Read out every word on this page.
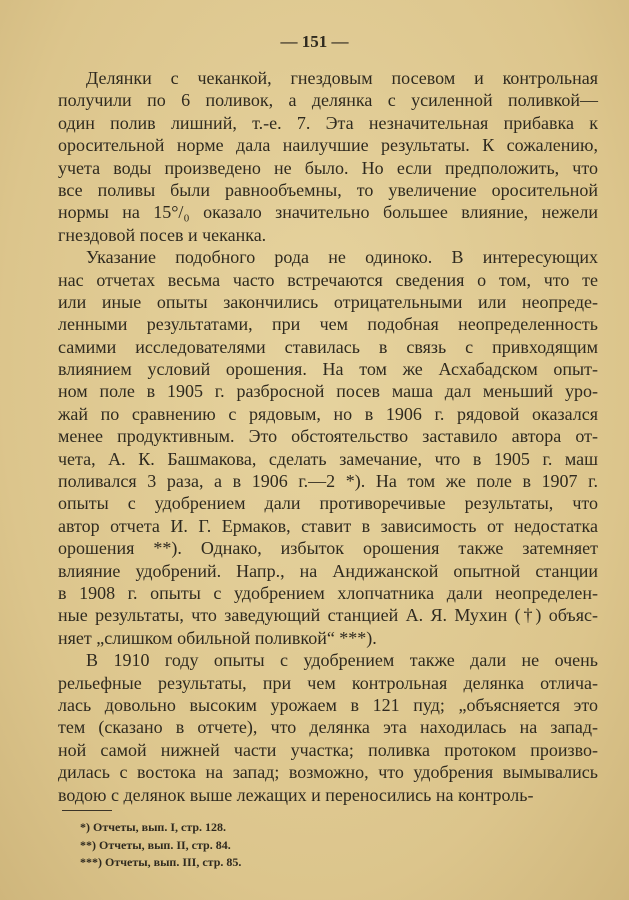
— 151 —
Делянки с чеканкой, гнездовым посевом и контрольная
получили по 6 поливок, а делянка с усиленной поливкой—
один полив лишний, т.-е. 7. Эта незначительная прибавка к
оросительной норме дала наилучшие результаты. К сожалению,
учета воды произведено не было. Но если предположить, что
все поливы были равнообъемны, то увеличение оросительной
нормы на 15°/₀ оказало значительно большее влияние, нежели
гнездовой посев и чеканка.
Указание подобного рода не одиноко. В интересующих
нас отчетах весьма часто встречаются сведения о том, что те
или иные опыты закончились отрицательными или неопреде-
ленными результатами, при чем подобная неопределенность
самими исследователями ставилась в связь с привходящим
влиянием условий орошения. На том же Асхабадском опыт-
ном поле в 1905 г. разбросной посев маша дал меньший уро-
жай по сравнению с рядовым, но в 1906 г. рядовой оказался
менее продуктивным. Это обстоятельство заставило автора от-
чета, А. К. Башмакова, сделать замечание, что в 1905 г. маш
поливался 3 раза, а в 1906 г.—2 *). На том же поле в 1907 г.
опыты с удобрением дали противоречивые результаты, что
автор отчета И. Г. Ермаков, ставит в зависимость от недостатка
орошения **). Однако, избыток орошения также затемняет
влияние удобрений. Напр., на Андижанской опытной станции
в 1908 г. опыты с удобрением хлопчатника дали неопределен-
ные результаты, что заведующий станцией А. Я. Мухин (†) объяс-
няет „слишком обильной поливкой“ ***).
В 1910 году опыты с удобрением также дали не очень
рельефные результаты, при чем контрольная делянка отлича-
лась довольно высоким урожаем в 121 пуд; „объясняется это
тем (сказано в отчете), что делянка эта находилась на запад-
ной самой нижней части участка; поливка протоком произво-
дилась с востока на запад; возможно, что удобрения вымывались
водою с делянок выше лежащих и переносились на контроль-
*) Отчеты, вып. I, стр. 128.
**) Отчеты, вып. II, стр. 84.
***) Отчеты, вып. III, стр. 85.
